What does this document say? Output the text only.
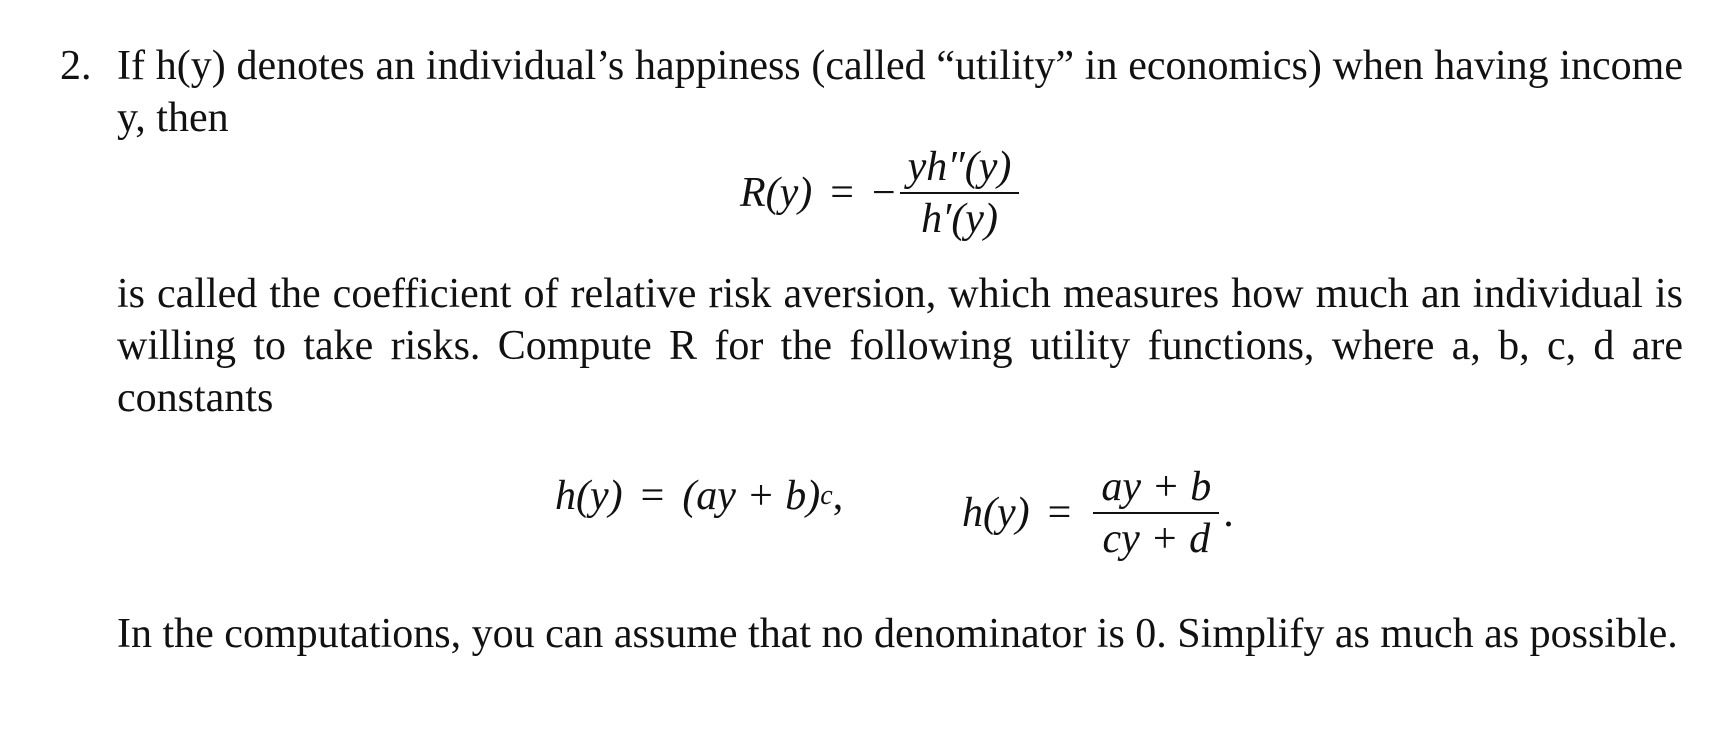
2. If h(y) denotes an individual’s happiness (called “utility” in economics) when having income y, then

R(y) = − $\frac{yh''(y)}{h'(y)}$

is called the coefficient of relative risk aversion, which measures how much an individual is willing to take risks. Compute R for the following utility functions, where a, b, c, d are constants

h(y) = (ay + b) c ,	$h(y) = \frac{ay + b}{cy + d}$ .

In the computations, you can assume that no denominator is 0. Simplify as much as possible.
